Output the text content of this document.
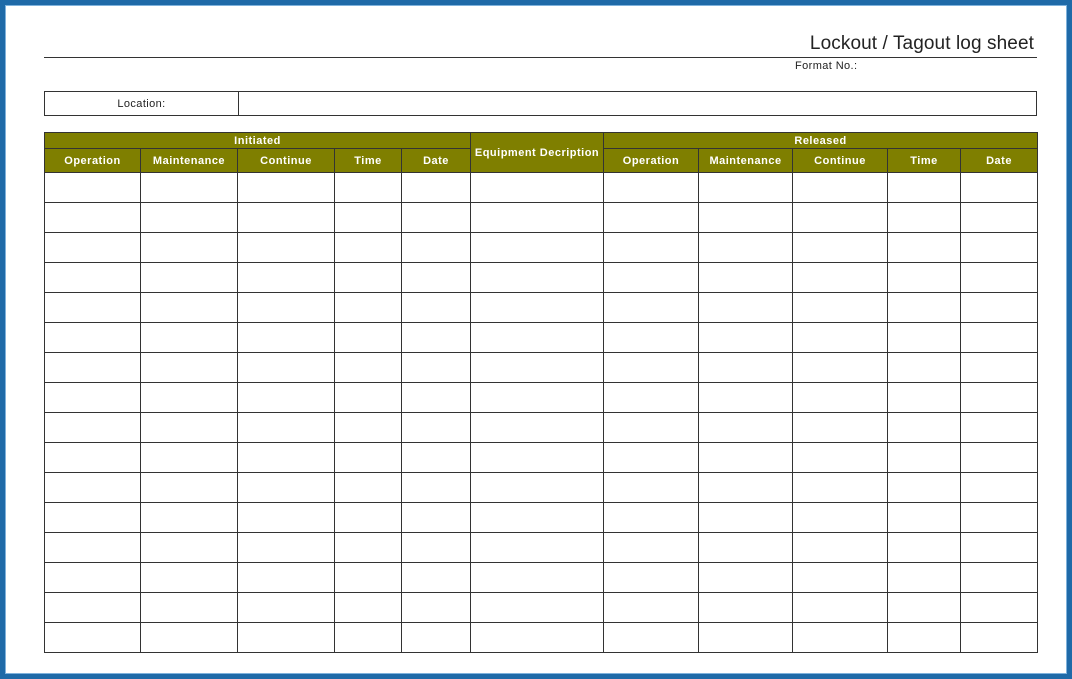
Lockout / Tagout log sheet
Format No.:
Location:	
Initiated					Equipment Decription	Released				
Operation	Maintenance	Continue	Time	Date		Operation	Maintenance	Continue	Time	Date
